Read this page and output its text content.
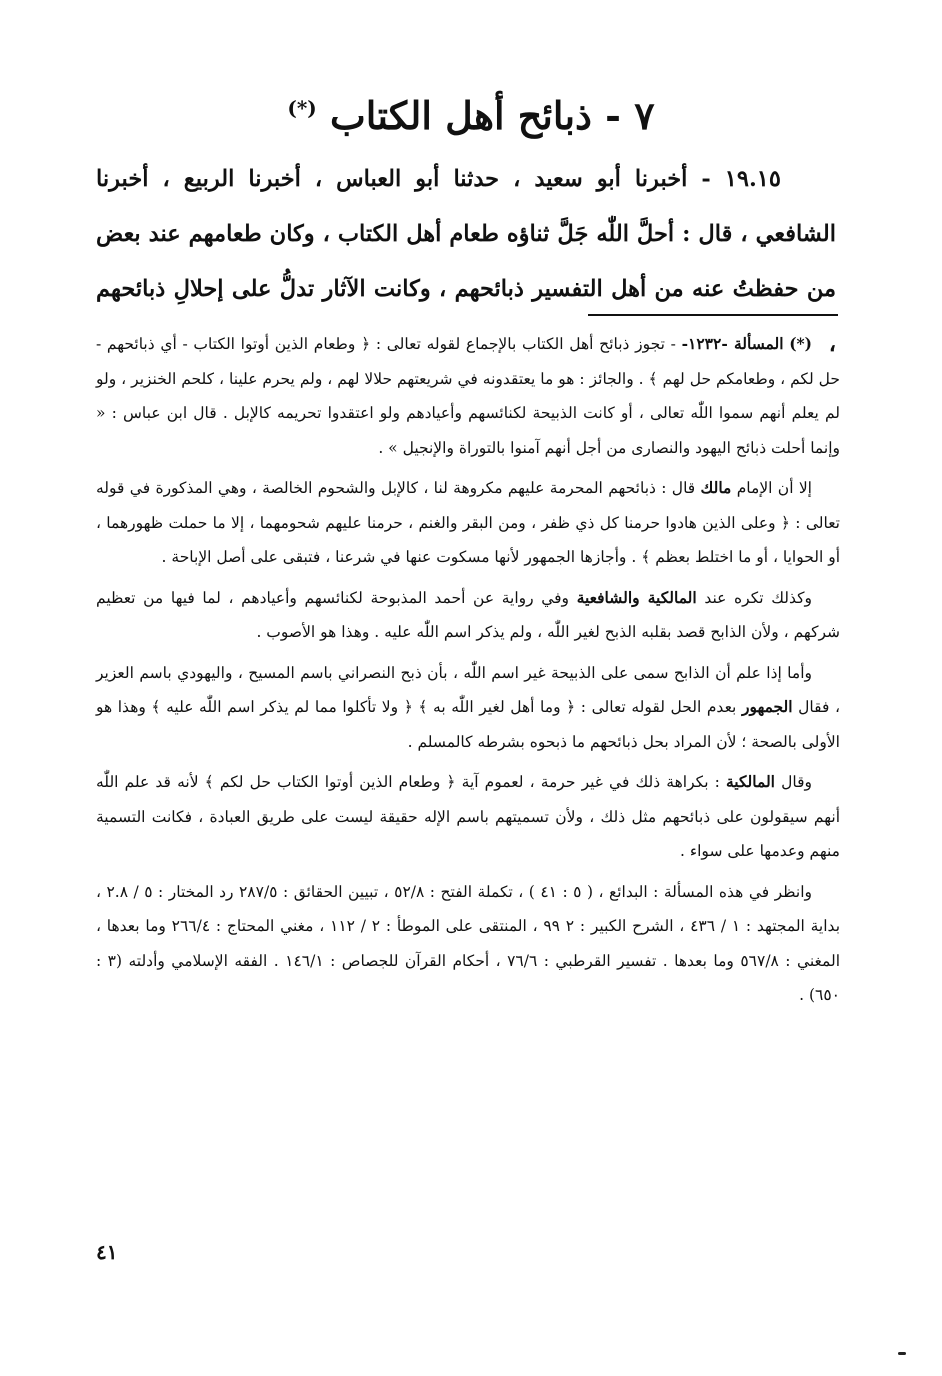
٧ - ذبائح أهل الكتاب (*)

١٩.١٥ - أخبرنا أبو سعيد ، حدثنا أبو العباس ، أخبرنا الربيع ، أخبرنا الشافعي ، قال : أحلَّ اللّٰه جَلَّ ثناؤه طعام أهل الكتاب ، وكان طعامهم عند بعض من حفظتُ عنه من أهل التفسير ذبائحهم ، وكانت الآثار تدلُّ على إحلالِ ذبائحهم ،

(*) المسألة -١٢٣٢- - تجوز ذبائح أهل الكتاب بالإجماع لقوله تعالى : ﴿ وطعام الذين أوتوا الكتاب - أي ذبائحهم - حل لكم ، وطعامكم حل لهم ﴾ . والجائز : هو ما يعتقدونه في شريعتهم حلالا لهم ، ولم يحرم علينا ، كلحم الخنزير ، ولو لم يعلم أنهم سموا اللّٰه تعالى ، أو كانت الذبيحة لكنائسهم وأعيادهم ولو اعتقدوا تحريمه كالإبل . قال ابن عباس : « وإنما أحلت ذبائح اليهود والنصارى من أجل أنهم آمنوا بالتوراة والإنجيل » .

إلا أن الإمام مالك قال : ذبائحهم المحرمة عليهم مكروهة لنا ، كالإبل والشحوم الخالصة ، وهي المذكورة في قوله تعالى : ﴿ وعلى الذين هادوا حرمنا كل ذي ظفر ، ومن البقر والغنم ، حرمنا عليهم شحومهما ، إلا ما حملت ظهورهما ، أو الحوايا ، أو ما اختلط بعظم ﴾ . وأجازها الجمهور لأنها مسكوت عنها في شرعنا ، فتبقى على أصل الإباحة .

وكذلك تكره عند المالكية والشافعية وفي رواية عن أحمد المذبوحة لكنائسهم وأعيادهم ، لما فيها من تعظيم شركهم ، ولأن الذابح قصد بقلبه الذبح لغير اللّٰه ، ولم يذكر اسم اللّٰه عليه . وهذا هو الأصوب .

وأما إذا علم أن الذابح سمى على الذبيحة غير اسم اللّٰه ، بأن ذبح النصراني باسم المسيح ، واليهودي باسم العزير ، فقال الجمهور بعدم الحل لقوله تعالى : ﴿ وما أهل لغير اللّٰه به ﴾ ﴿ ولا تأكلوا مما لم يذكر اسم اللّٰه عليه ﴾ وهذا هو الأولى بالصحة ؛ لأن المراد بحل ذبائحهم ما ذبحوه بشرطه كالمسلم .

وقال المالكية : بكراهة ذلك في غير حرمة ، لعموم آية ﴿ وطعام الذين أوتوا الكتاب حل لكم ﴾ لأنه قد علم اللّٰه أنهم سيقولون على ذبائحهم مثل ذلك ، ولأن تسميتهم باسم الإله حقيقة ليست على طريق العبادة ، فكانت التسمية منهم وعدمها على سواء .

وانظر في هذه المسألة : البدائع ، ( ٥ : ٤١ ) ، تكملة الفتح : ٥٢/٨ ، تبيين الحقائق : ٢٨٧/٥ رد المختار : ٥ / ٢.٨ ، بداية المجتهد : ١ / ٤٣٦ ، الشرح الكبير : ٢ ٩٩ ، المنتقى على الموطأ : ٢ / ١١٢ ، مغني المحتاج : ٢٦٦/٤ وما بعدها ، المغني : ٥٦٧/٨ وما بعدها . تفسير القرطبي : ٧٦/٦ ، أحكام القرآن للجصاص : ١٤٦/١ . الفقه الإسلامي وأدلته (٣ : ٦٥٠) .

٤١
